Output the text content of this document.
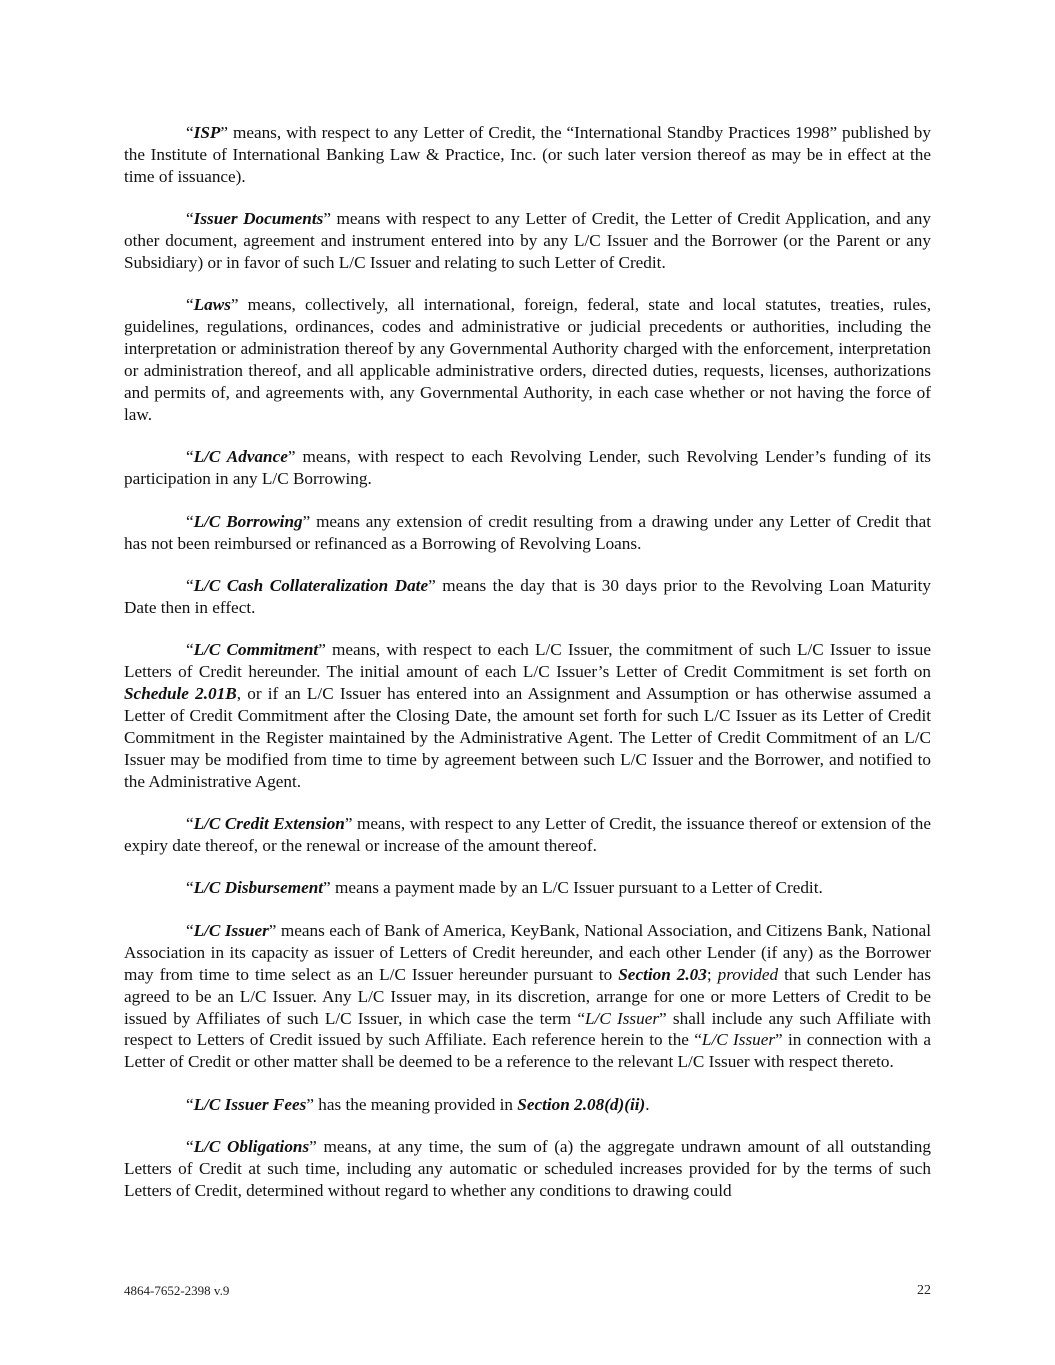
“ISP” means, with respect to any Letter of Credit, the “International Standby Practices 1998” published by the Institute of International Banking Law & Practice, Inc. (or such later version thereof as may be in effect at the time of issuance).

“Issuer Documents” means with respect to any Letter of Credit, the Letter of Credit Application, and any other document, agreement and instrument entered into by any L/C Issuer and the Borrower (or the Parent or any Subsidiary) or in favor of such L/C Issuer and relating to such Letter of Credit.

“Laws” means, collectively, all international, foreign, federal, state and local statutes, treaties, rules, guidelines, regulations, ordinances, codes and administrative or judicial precedents or authorities, including the interpretation or administration thereof by any Governmental Authority charged with the enforcement, interpretation or administration thereof, and all applicable administrative orders, directed duties, requests, licenses, authorizations and permits of, and agreements with, any Governmental Authority, in each case whether or not having the force of law.

“L/C Advance” means, with respect to each Revolving Lender, such Revolving Lender’s funding of its participation in any L/C Borrowing.

“L/C Borrowing” means any extension of credit resulting from a drawing under any Letter of Credit that has not been reimbursed or refinanced as a Borrowing of Revolving Loans.

“L/C Cash Collateralization Date” means the day that is 30 days prior to the Revolving Loan Maturity Date then in effect.

“L/C Commitment” means, with respect to each L/C Issuer, the commitment of such L/C Issuer to issue Letters of Credit hereunder. The initial amount of each L/C Issuer’s Letter of Credit Commitment is set forth on Schedule 2.01B, or if an L/C Issuer has entered into an Assignment and Assumption or has otherwise assumed a Letter of Credit Commitment after the Closing Date, the amount set forth for such L/C Issuer as its Letter of Credit Commitment in the Register maintained by the Administrative Agent. The Letter of Credit Commitment of an L/C Issuer may be modified from time to time by agreement between such L/C Issuer and the Borrower, and notified to the Administrative Agent.

“L/C Credit Extension” means, with respect to any Letter of Credit, the issuance thereof or extension of the expiry date thereof, or the renewal or increase of the amount thereof.

“L/C Disbursement” means a payment made by an L/C Issuer pursuant to a Letter of Credit.

“L/C Issuer” means each of Bank of America, KeyBank, National Association, and Citizens Bank, National Association in its capacity as issuer of Letters of Credit hereunder, and each other Lender (if any) as the Borrower may from time to time select as an L/C Issuer hereunder pursuant to Section 2.03; provided that such Lender has agreed to be an L/C Issuer. Any L/C Issuer may, in its discretion, arrange for one or more Letters of Credit to be issued by Affiliates of such L/C Issuer, in which case the term “L/C Issuer” shall include any such Affiliate with respect to Letters of Credit issued by such Affiliate. Each reference herein to the “L/C Issuer” in connection with a Letter of Credit or other matter shall be deemed to be a reference to the relevant L/C Issuer with respect thereto.

“L/C Issuer Fees” has the meaning provided in Section 2.08(d)(ii).

“L/C Obligations” means, at any time, the sum of (a) the aggregate undrawn amount of all outstanding Letters of Credit at such time, including any automatic or scheduled increases provided for by the terms of such Letters of Credit, determined without regard to whether any conditions to drawing could

4864-7652-2398 v.9	22
